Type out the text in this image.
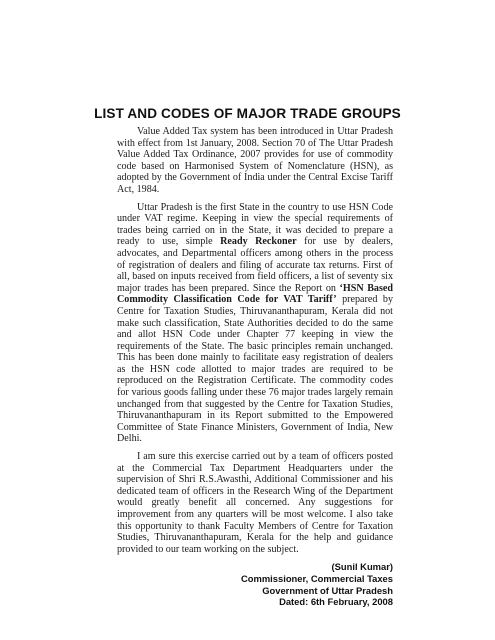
LIST AND CODES OF MAJOR TRADE GROUPS

Value Added Tax system has been introduced in Uttar Pradesh with effect from 1st January, 2008. Section 70 of The Uttar Pradesh Value Added Tax Ordinance, 2007 provides for use of commodity code based on Harmonised System of Nomenclature (HSN), as adopted by the Government of India under the Central Excise Tariff Act, 1984.

Uttar Pradesh is the first State in the country to use HSN Code under VAT regime. Keeping in view the special requirements of trades being carried on in the State, it was decided to prepare a ready to use, simple Ready Reckoner for use by dealers, advocates, and Departmental officers among others in the process of registration of dealers and filing of accurate tax returns. First of all, based on inputs received from field officers, a list of seventy six major trades has been prepared. Since the Report on ‘HSN Based Commodity Classification Code for VAT Tariff’ prepared by Centre for Taxation Studies, Thiruvananthapuram, Kerala did not make such classification, State Authorities decided to do the same and allot HSN Code under Chapter 77 keeping in view the requirements of the State. The basic principles remain unchanged. This has been done mainly to facilitate easy registration of dealers as the HSN code allotted to major trades are required to be reproduced on the Registration Certificate. The commodity codes for various goods falling under these 76 major trades largely remain unchanged from that suggested by the Centre for Taxation Studies, Thiruvananthapuram in its Report submitted to the Empowered Committee of State Finance Ministers, Government of India, New Delhi.

I am sure this exercise carried out by a team of officers posted at the Commercial Tax Department Headquarters under the supervision of Shri R.S.Awasthi, Additional Commissioner and his dedicated team of officers in the Research Wing of the Department would greatly benefit all concerned. Any suggestions for improvement from any quarters will be most welcome. I also take this opportunity to thank Faculty Members of Centre for Taxation Studies, Thiruvananthapuram, Kerala for the help and guidance provided to our team working on the subject.

(Sunil Kumar)
Commissioner, Commercial Taxes
Government of Uttar Pradesh
Dated: 6th February, 2008
